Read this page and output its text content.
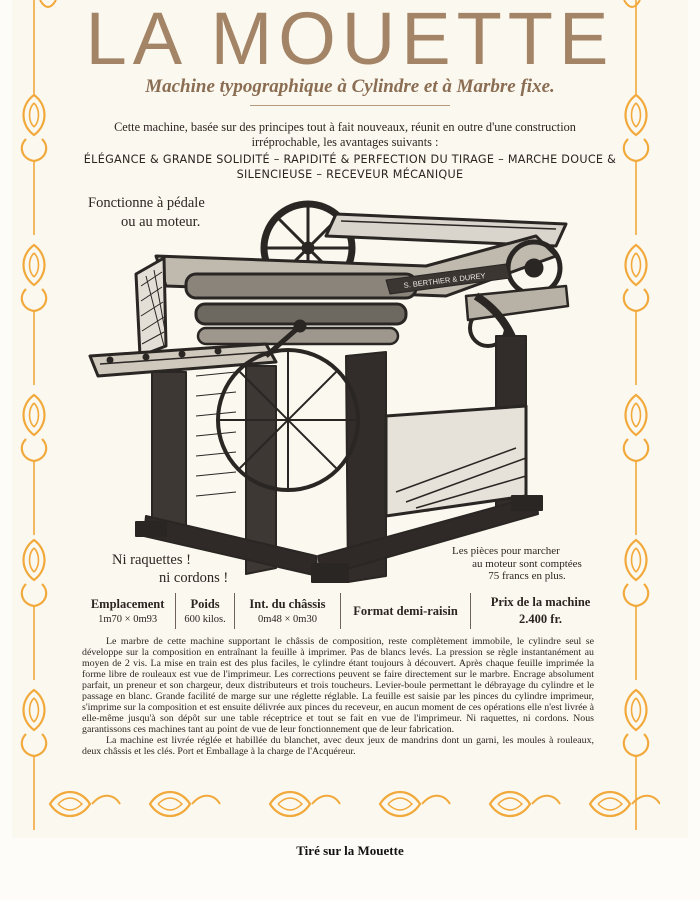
LA MOUETTE
Machine typographique à Cylindre et à Marbre fixe.
Cette machine, basée sur des principes tout à fait nouveaux, réunit en outre d'une construction irréprochable, les avantages suivants :
ÉLÉGANCE & GRANDE SOLIDITÉ – RAPIDITÉ & PERFECTION DU TIRAGE – MARCHE DOUCE & SILENCIEUSE – RECEVEUR MÉCANIQUE
Fonctionne à pédale
ou au moteur.
S. BERTHIER & DUREY
Ni raquettes !
ni cordons !
Les pièces pour marcher
au moteur sont comptées
75 francs en plus.
Emplacement
1m70 × 0m93
Poids
600 kilos.
Int. du châssis
0m48 × 0m30
Format demi-raisin
Prix de la machine
2.400 fr.

Le marbre de cette machine supportant le châssis de composition, reste complètement immobile, le cylindre seul se développe sur la composition en entraînant la feuille à imprimer. Pas de blancs levés. La pression se règle instantanément au moyen de 2 vis. La mise en train est des plus faciles, le cylindre étant toujours à découvert. Après chaque feuille imprimée la forme libre de rouleaux est vue de l'imprimeur. Les corrections peuvent se faire directement sur le marbre. Encrage absolument parfait, un preneur et son chargeur, deux distributeurs et trois toucheurs. Levier-boule permettant le débrayage du cylindre et le passage en blanc. Grande facilité de marge sur une réglette réglable. La feuille est saisie par les pinces du cylindre imprimeur, s'imprime sur la composition et est ensuite délivrée aux pinces du receveur, en aucun moment de ces opérations elle n'est livrée à elle-même jusqu'à son dépôt sur une table réceptrice et tout se fait en vue de l'imprimeur. Ni raquettes, ni cordons. Nous garantissons ces machines tant au point de vue de leur fonctionnement que de leur fabrication.

La machine est livrée réglée et habillée du blanchet, avec deux jeux de mandrins dont un garni, les moules à rouleaux, deux châssis et les clés. Port et Emballage à la charge de l'Acquéreur.

Tiré sur la Mouette
